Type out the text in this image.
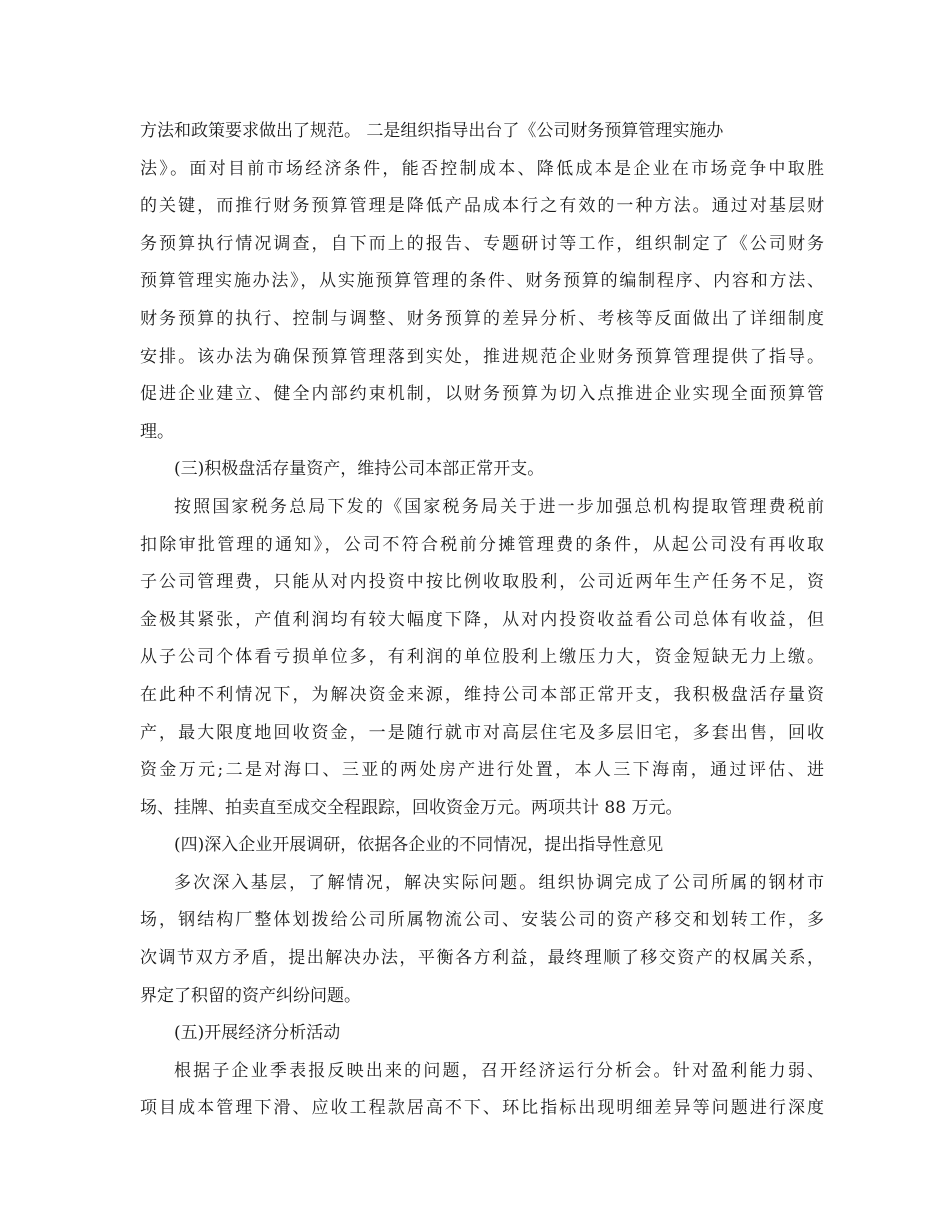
方法和政策要求做出了规范。 二是组织指导出台了《公司财务预算管理实施办
法》。面对目前市场经济条件，能否控制成本、降低成本是企业在市场竞争中取胜
的关键，而推行财务预算管理是降低产品成本行之有效的一种方法。通过对基层财
务预算执行情况调查，自下而上的报告、专题研讨等工作，组织制定了《公司财务
预算管理实施办法》，从实施预算管理的条件、财务预算的编制程序、内容和方法、
财务预算的执行、控制与调整、财务预算的差异分析、考核等反面做出了详细制度
安排。该办法为确保预算管理落到实处，推进规范企业财务预算管理提供了指导。
促进企业建立、健全内部约束机制，以财务预算为切入点推进企业实现全面预算管
理。
(三)积极盘活存量资产，维持公司本部正常开支。
按照国家税务总局下发的《国家税务局关于进一步加强总机构提取管理费税前
扣除审批管理的通知》，公司不符合税前分摊管理费的条件，从起公司没有再收取
子公司管理费，只能从对内投资中按比例收取股利，公司近两年生产任务不足，资
金极其紧张，产值利润均有较大幅度下降，从对内投资收益看公司总体有收益，但
从子公司个体看亏损单位多，有利润的单位股利上缴压力大，资金短缺无力上缴。
在此种不利情况下，为解决资金来源，维持公司本部正常开支，我积极盘活存量资
产，最大限度地回收资金，一是随行就市对高层住宅及多层旧宅，多套出售，回收
资金万元;二是对海口、三亚的两处房产进行处置，本人三下海南，通过评估、进
场、挂牌、拍卖直至成交全程跟踪，回收资金万元。两项共计 88 万元。
(四)深入企业开展调研，依据各企业的不同情况，提出指导性意见
多次深入基层，了解情况，解决实际问题。组织协调完成了公司所属的钢材市
场，钢结构厂整体划拨给公司所属物流公司、安装公司的资产移交和划转工作，多
次调节双方矛盾，提出解决办法，平衡各方利益，最终理顺了移交资产的权属关系，
界定了积留的资产纠纷问题。
(五)开展经济分析活动
根据子企业季表报反映出来的问题，召开经济运行分析会。针对盈利能力弱、
项目成本管理下滑、应收工程款居高不下、环比指标出现明细差异等问题进行深度
